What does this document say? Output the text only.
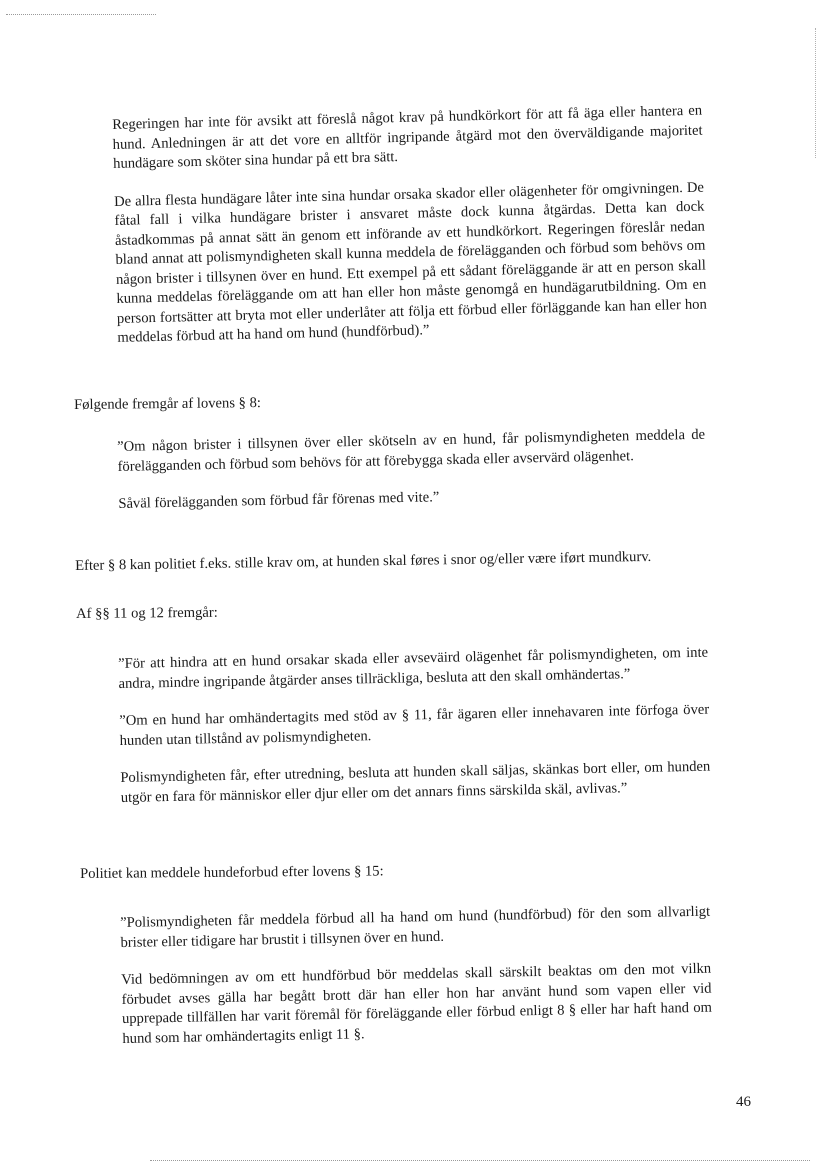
Regeringen har inte för avsikt att föreslå något krav på hundkörkort för att få äga eller hantera en hund. Anledningen är att det vore en alltför ingripande åtgärd mot den överväldigande majoritet hundägare som sköter sina hundar på ett bra sätt.

De allra flesta hundägare låter inte sina hundar orsaka skador eller olägenheter för omgivningen. De fåtal fall i vilka hundägare brister i ansvaret måste dock kunna åtgärdas. Detta kan dock åstadkommas på annat sätt än genom ett införande av ett hundkörkort. Regeringen föreslår nedan bland annat att polismyndigheten skall kunna meddela de förelägganden och förbud som behövs om någon brister i tillsynen över en hund. Ett exempel på ett sådant föreläggande är att en person skall kunna meddelas föreläggande om att han eller hon måste genomgå en hundägarutbildning. Om en person fortsätter att bryta mot eller underlåter att följa ett förbud eller förläggande kan han eller hon meddelas förbud att ha hand om hund (hundförbud).”

Følgende fremgår af lovens § 8:

”Om någon brister i tillsynen över eller skötseln av en hund, får polismyndigheten meddela de förelägganden och förbud som behövs för att förebygga skada eller avservärd olägenhet.

Såväl förelägganden som förbud får förenas med vite.”

Efter § 8 kan politiet f.eks. stille krav om, at hunden skal føres i snor og/eller være iført mundkurv.

Af §§ 11 og 12 fremgår:

”För att hindra att en hund orsakar skada eller avseväird olägenhet får polismyndigheten, om inte andra, mindre ingripande åtgärder anses tillräckliga, besluta att den skall omhändertas.”

”Om en hund har omhändertagits med stöd av § 11, får ägaren eller innehavaren inte förfoga över hunden utan tillstånd av polismyndigheten.

Polismyndigheten får, efter utredning, besluta att hunden skall säljas, skänkas bort eller, om hunden utgör en fara för människor eller djur eller om det annars finns särskilda skäl, avlivas.”

Politiet kan meddele hundeforbud efter lovens § 15:

”Polismyndigheten får meddela förbud all ha hand om hund (hundförbud) för den som allvarligt brister eller tidigare har brustit i tillsynen över en hund.

Vid bedömningen av om ett hundförbud bör meddelas skall särskilt beaktas om den mot vilkn förbudet avses gälla har begått brott där han eller hon har använt hund som vapen eller vid upprepade tillfällen har varit föremål för föreläggande eller förbud enligt 8 § eller har haft hand om hund som har omhändertagits enligt 11 §.

46
